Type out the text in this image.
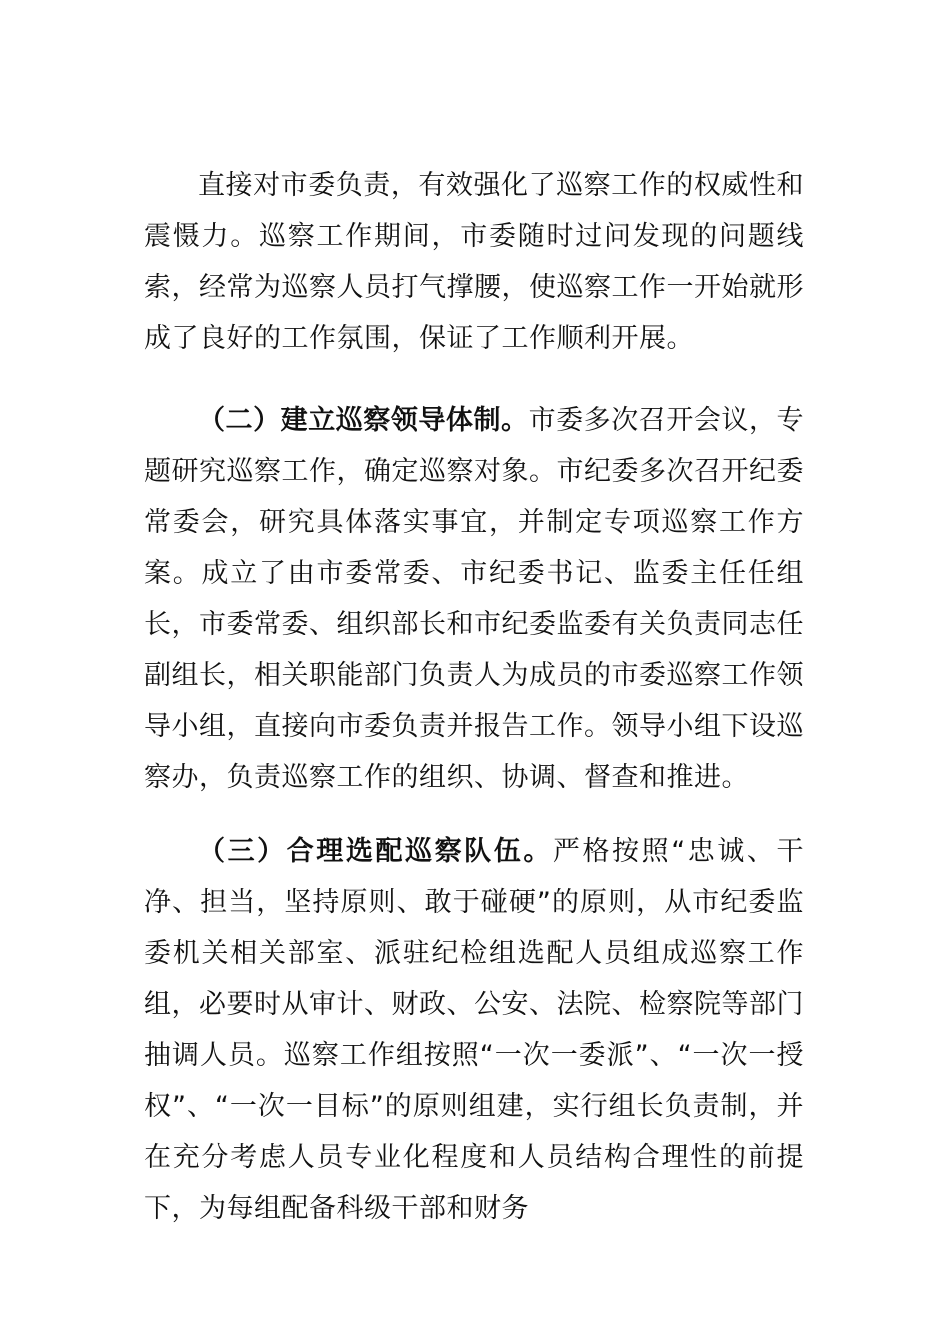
直接对市委负责，有效强化了巡察工作的权威性和震慑力。巡察工作期间，市委随时过问发现的问题线索，经常为巡察人员打气撑腰，使巡察工作一开始就形成了良好的工作氛围，保证了工作顺利开展。

（二）建立巡察领导体制。市委多次召开会议，专题研究巡察工作，确定巡察对象。市纪委多次召开纪委常委会，研究具体落实事宜，并制定专项巡察工作方案。成立了由市委常委、市纪委书记、监委主任任组长，市委常委、组织部长和市纪委监委有关负责同志任副组长，相关职能部门负责人为成员的市委巡察工作领导小组，直接向市委负责并报告工作。领导小组下设巡察办，负责巡察工作的组织、协调、督查和推进。

（三）合理选配巡察队伍。严格按照“忠诚、干净、担当，坚持原则、敢于碰硬”的原则，从市纪委监委机关相关部室、派驻纪检组选配人员组成巡察工作组，必要时从审计、财政、公安、法院、检察院等部门抽调人员。巡察工作组按照“一次一委派”、“一次一授权”、“一次一目标”的原则组建，实行组长负责制，并在充分考虑人员专业化程度和人员结构合理性的前提下，为每组配备科级干部和财务
